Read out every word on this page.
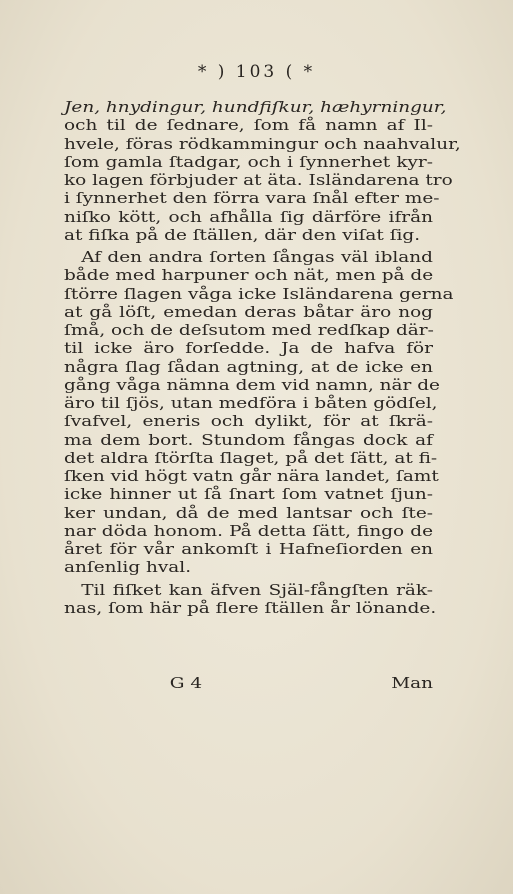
* ) 103 ( *
Jen, hnydingur, hundfiſkur, hæhyrningur,
och til de ſednare, ſom få namn af Il-
hvele, föras rödkammingur och naahvalur,
ſom gamla ſtadgar, och i ſynnerhet kyr-
ko lagen förbjuder at äta. Isländarena tro
i ſynnerhet den förra vara ſnål efter me-
niſko kött, och afhålla ſig därföre ifrån
at fiſka på de ſtällen, där den viſat ſig.
Af den andra ſorten ſångas väl ibland
både med harpuner och nät, men på de
ſtörre ſlagen våga icke Isländarena gerna
at gå löſt, emedan deras båtar äro nog
ſmå, och de deſsutom med redſkap där-
til icke äro forſedde. Ja de hafva för
några ſlag ſådan agtning, at de icke en
gång våga nämna dem vid namn, när de
äro til ſjös, utan medföra i båten gödſel,
ſvafvel, eneris och dylikt, för at ſkrä-
ma dem bort. Stundom fångas dock af
det aldra ſtörſta ſlaget, på det ſätt, at fi-
ſken vid högt vatn går nära landet, ſamt
icke hinner ut ſå ſnart ſom vatnet ſjun-
ker undan, då de med lantsar och ſte-
nar döda honom. På detta ſätt, fingo de
året för vår ankomſt i Hafneſiorden en
anſenlig hval.
Til fiſket kan äfven Själ-fångſten räk-
nas, ſom här på flere ſtällen år lönande.
G 4	Man
